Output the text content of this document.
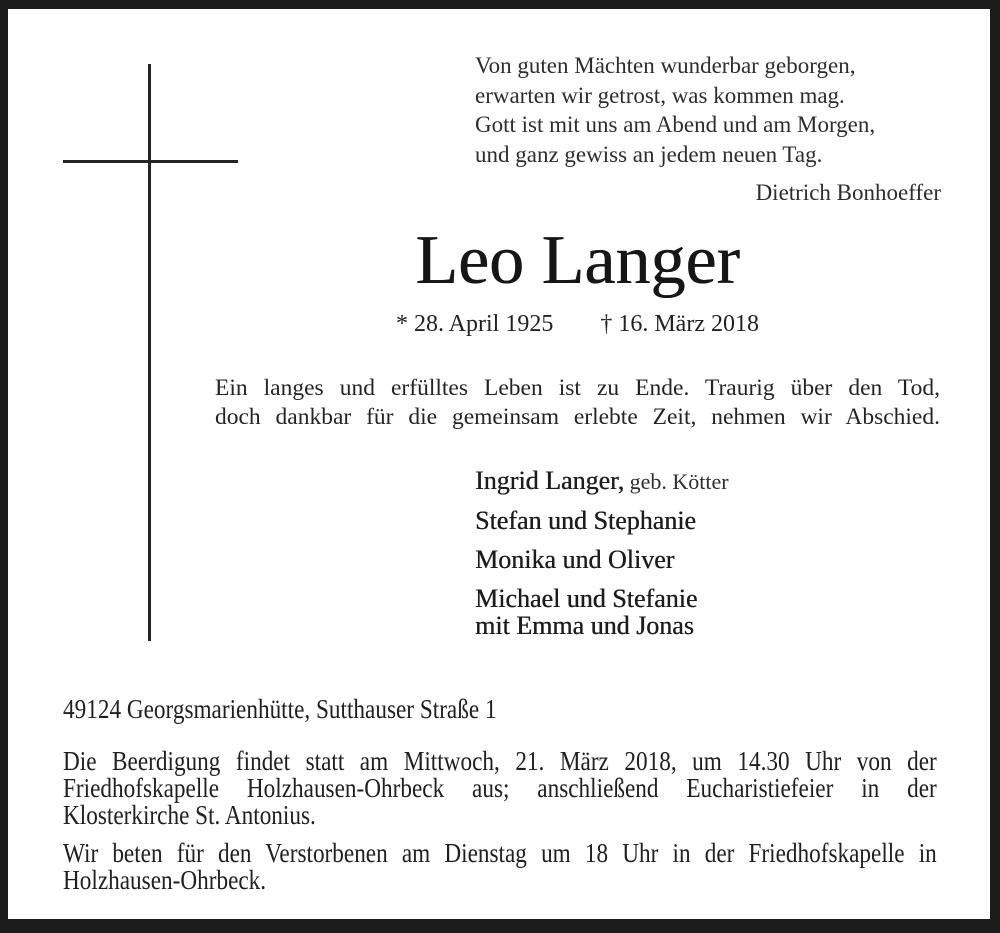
Von guten Mächten wunderbar geborgen,
erwarten wir getrost, was kommen mag.
Gott ist mit uns am Abend und am Morgen,
und ganz gewiss an jedem neuen Tag.
Dietrich Bonhoeffer
Leo Langer
* 28. April 1925 † 16. März 2018
Ein langes und erfülltes Leben ist zu Ende. Traurig über den Tod,
doch dankbar für die gemeinsam erlebte Zeit, nehmen wir Abschied.
Ingrid Langer, geb. Kötter
Stefan und Stephanie
Monika und Oliver
Michael und Stefanie
mit Emma und Jonas
49124 Georgsmarienhütte, Sutthauser Straße 1
Die Beerdigung findet statt am Mittwoch, 21. März 2018, um 14.30 Uhr von der
Friedhofskapelle Holzhausen-Ohrbeck aus; anschließend Eucharistiefeier in der
Klosterkirche St. Antonius.
Wir beten für den Verstorbenen am Dienstag um 18 Uhr in der Friedhofskapelle in
Holzhausen-Ohrbeck.
